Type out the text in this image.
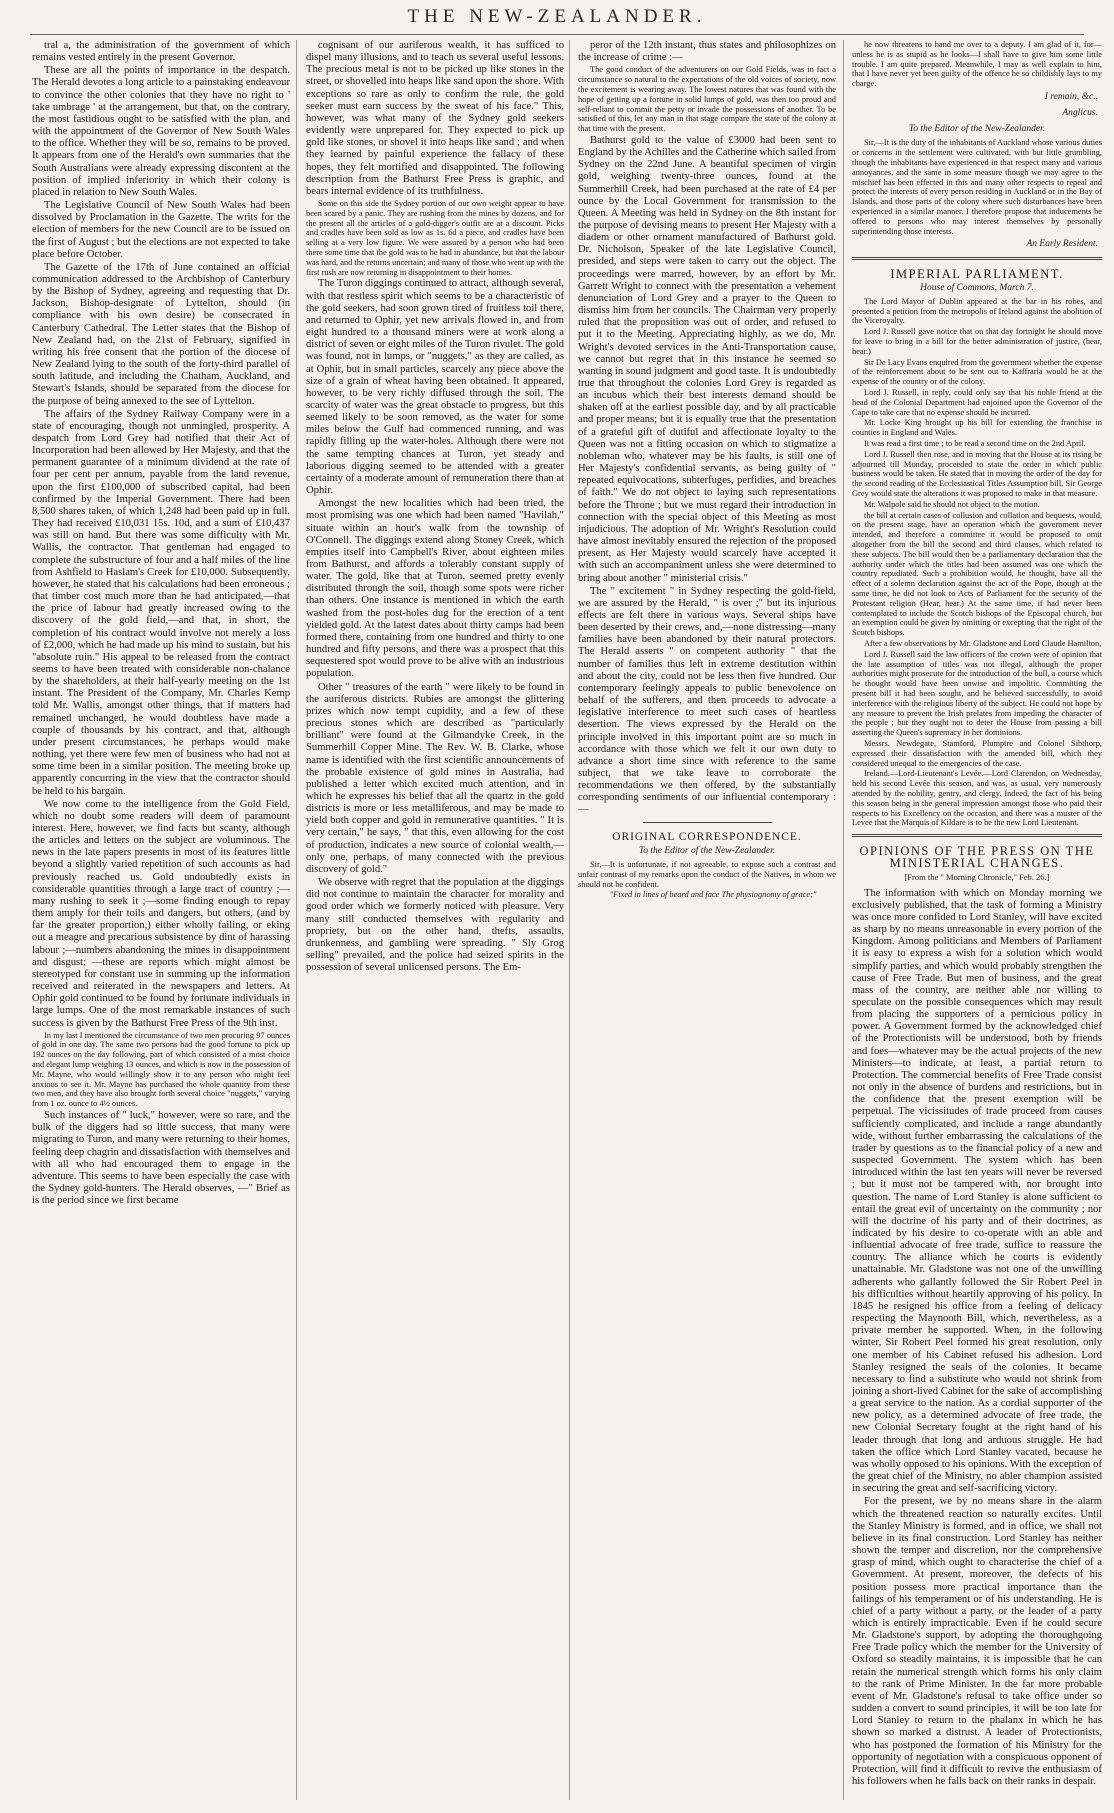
THE NEW-ZEALANDER.

tral a, the administration of the government of which remains vested entirely in the present Governor.

These are all the points of importance in the despatch. The Herald devotes a long article to a painstaking endeavour to convince the other colonies that they have no right to ' take umbrage ' at the arrangement, but that, on the contrary, the most fastidious ought to be satisfied with the plan, and with the appointment of the Governor of New South Wales to the office. Whether they will be so, remains to be proved. It appears from one of the Herald's own summaries that the South Australians were already expressing discontent at the position of implied inferiority in which their colony is placed in relation to New South Wales.

The Legislative Council of New South Wales had been dissolved by Proclamation in the Gazette. The writs for the election of members for the new Council are to be issued on the first of August ; but the elections are not expected to take place before October.

The Gazette of the 17th of June contained an official communication addressed to the Archbishop of Canterbury by the Bishop of Sydney, agreeing and requesting that Dr. Jackson, Bishop-designate of Lyttelton, should (in compliance with his own desire) be consecrated in Canterbury Cathedral. The Letter states that the Bishop of New Zealand had, on the 21st of February, signified in writing his free consent that the portion of the diocese of New Zealand lying to the south of the forty-third parallel of south latitude, and including the Chatham, Auckland, and Stewart's Islands, should be separated from the diocese for the purpose of being annexed to the see of Lyttelton.

The affairs of the Sydney Railway Company were in a state of encouraging, though not unmingled, prosperity. A despatch from Lord Grey had notified that their Act of Incorporation had been allowed by Her Majesty, and that the permanent guarantee of a minimum dividend at the rate of four per cent per annum, payable from the land revenue, upon the first £100,000 of subscribed capital, had been confirmed by the Imperial Government. There had been 8,500 shares taken, of which 1,248 had been paid up in full. They had received £10,031 15s. 10d, and a sum of £10,437 was still on hand. But there was some difficulty with Mr. Wallis, the contractor. That gentleman had engaged to complete the substructure of four and a half miles of the line from Ashfield to Haslam's Creek for £10,000. Subsequently, however, he stated that his calculations had been erroneous ; that timber cost much more than he had anticipated,—that the price of labour had greatly increased owing to the discovery of the gold field,—and that, in short, the completion of his contract would involve not merely a loss of £2,000, which he had made up his mind to sustain, but his "absolute ruin." His appeal to be released from the contract seems to have been treated with considerable non-chalance by the shareholders, at their half-yearly meeting on the 1st instant. The President of the Company, Mr. Charles Kemp told Mr. Wallis, amongst other things, that if matters had remained unchanged, he would doubtless have made a couple of thousands by his contract, and that, although under present circumstances, he perhaps would make nothing, yet there were few men of business who had not at some time been in a similar position. The meeting broke up apparently concurring in the view that the contractor should be held to his bargain.

We now come to the intelligence from the Gold Field, which no doubt some readers will deem of paramount interest. Here, however, we find facts but scanty, although the articles and letters on the subject are voluminous. The news in the late papers presents in most of its features little beyond a slightly varied repetition of such accounts as had previously reached us. Gold undoubtedly exists in considerable quantities through a large tract of country ;—many rushing to seek it ;—some finding enough to repay them amply for their toils and dangers, but others, (and by far the greater proportion,) either wholly failing, or eking out a meagre and precarious subsistence by dint of harassing labour ;—numbers abandoning the mines in disappointment and disgust; —these are reports which might almost be stereotyped for constant use in summing up the information received and reiterated in the newspapers and letters. At Ophir gold continued to be found by fortunate individuals in large lumps. One of the most remarkable instances of such success is given by the Bathurst Free Press of the 9th inst.

In my last I mentioned the circumstance of two men procuring 97 ounces of gold in one day. The same two persons had the good fortune to pick up 192 ounces on the day following, part of which consisted of a most choice and elegant lump weighing 13 ounces, and which is now in the possession of Mr. Mayne, who would willingly show it to any person who might feel anxious to see it. Mr. Mayne has purchased the whole quantity from these two men, and they have also brought forth several choice "nuggets," varying from 1 oz. ounce to 4½ ounces.

Such instances of " luck," however, were so rare, and the bulk of the diggers had so little success, that many were migrating to Turon, and many were returning to their homes, feeling deep chagrin and dissatisfaction with themselves and with all who had encouraged them to engage in the adventure. This seems to have been especially the case with the Sydney gold-hunters. The Herald observes, —" Brief as is the period since we first became

cognisant of our auriferous wealth, it has sufficed to dispel many illusions, and to teach us several useful lessons. The precious metal is not to be picked up like stones in the street, or shovelled into heaps like sand upon the shore. With exceptions so rare as only to confirm the rule, the gold seeker must earn success by the sweat of his face." This, however, was what many of the Sydney gold seekers evidently were unprepared for. They expected to pick up gold like stones, or shovel it into heaps like sand ; and when they learned by painful experience the fallacy of these hopes, they felt mortified and disappointed. The following description from the Bathurst Free Press is graphic, and bears internal evidence of its truthfulness.

Some on this side the Sydney portion of our own weight appear to have been scared by a panic. They are rushing from the mines by dozens, and for the present all the articles of a gold-digger's outfit are at a discount. Picks and cradles have been sold as low as 1s. 6d a piece, and cradles have been selling at a very low figure. We were assured by a person who had been there some time that the gold was to be had in abundance, but that the labour was hard, and the returns uncertain; and many of those who went up with the first rush are now returning in disappointment to their homes.

The Turon diggings continued to attract, although several, with that restless spirit which seems to be a characteristic of the gold seekers, had soon grown tired of fruitless toil there, and returned to Ophir, yet new arrivals flowed in, and from eight hundred to a thousand miners were at work along a district of seven or eight miles of the Turon rivulet. The gold was found, not in lumps, or "nuggets," as they are called, as at Ophir, but in small particles, scarcely any piece above the size of a grain of wheat having been obtained. It appeared, however, to be very richly diffused through the soil. The scarcity of water was the great obstacle to progress, but this seemed likely to be soon removed, as the water for some miles below the Gulf had commenced running, and was rapidly filling up the water-holes. Although there were not the same tempting chances at Turon, yet steady and laborious digging seemed to be attended with a greater certainty of a moderate amount of remuneration there than at Ophir.

Amongst the new localities which had been tried, the most promising was one which had been named "Havilah," situate within an hour's walk from the township of O'Connell. The diggings extend along Stoney Creek, which empties itself into Campbell's River, about eighteen miles from Bathurst, and affords a tolerably constant supply of water. The gold, like that at Turon, seemed pretty evenly distributed through the soil, though some spots were richer than others. One instance is mentioned in which the earth washed from the post-holes dug for the erection of a tent yielded gold. At the latest dates about thirty camps had been formed there, containing from one hundred and thirty to one hundred and fifty persons, and there was a prospect that this sequestered spot would prove to be alive with an industrious population.

Other " treasures of the earth " were likely to be found in the auriferous districts. Rubies are amongst the glittering prizes which now tempt cupidity, and a few of these precious stones which are described as "particularly brilliant" were found at the Gilmandyke Creek, in the Summerhill Copper Mine. The Rev. W. B. Clarke, whose name is identified with the first scientific announcements of the probable existence of gold mines in Australia, had published a letter which excited much attention, and in which he expresses his belief that all the quartz in the gold districts is more or less metalliferous, and may be made to yield both copper and gold in remunerative quantities. " It is very certain," he says, " that this, even allowing for the cost of production, indicates a new source of colonial wealth,—only one, perhaps, of many connected with the previous discovery of gold."

We observe with regret that the population at the diggings did not continue to maintain the character for morality and good order which we formerly noticed with pleasure. Very many still conducted themselves with regularity and propriety, but on the other hand, thefts, assaults, drunkenness, and gambling were spreading. " Sly Grog selling" prevailed, and the police had seized spirits in the possession of several unlicensed persons. The Em-

peror of the 12th instant, thus states and philosophizes on the increase of crime :—

The good conduct of the adventurers on our Gold Fields, was in fact a circumstance so natural to the expectations of the old voices of society, now the excitement is wearing away. The lowest natures that was found with the hope of getting up a fortune in solid lumps of gold, was then too proud and self-reliant to commit the petty or invade the possessions of another. To be satisfied of this, let any man in that stage compare the state of the colony at that time with the present.

Bathurst gold to the value of £3000 had been sent to England by the Achilles and the Catherine which sailed from Sydney on the 22nd June. A beautiful specimen of virgin gold, weighing twenty-three ounces, found at the Summerhill Creek, had been purchased at the rate of £4 per ounce by the Local Government for transmission to the Queen. A Meeting was held in Sydney on the 8th instant for the purpose of devising means to present Her Majesty with a diadem or other ornament manufactured of Bathurst gold. Dr. Nicholson, Speaker of the late Legislative Council, presided, and steps were taken to carry out the object. The proceedings were marred, however, by an effort by Mr. Garrett Wright to connect with the presentation a vehement denunciation of Lord Grey and a prayer to the Queen to dismiss him from her councils. The Chairman very properly ruled that the proposition was out of order, and refused to put it to the Meeting. Appreciating highly, as we do, Mr. Wright's devoted services in the Anti-Transportation cause, we cannot but regret that in this instance he seemed so wanting in sound judgment and good taste. It is undoubtedly true that throughout the colonies Lord Grey is regarded as an incubus which their best interests demand should be shaken off at the earliest possible day, and by all practicable and proper means; but it is equally true that the presentation of a grateful gift of dutiful and affectionate loyalty to the Queen was not a fitting occasion on which to stigmatize a nobleman who, whatever may be his faults, is still one of Her Majesty's confidential servants, as being guilty of " repeated equivocations, subterfuges, perfidies, and breaches of faith." We do not object to laying such representations before the Throne ; but we must regard their introduction in connection with the special object of this Meeting as most injudicious. The adoption of Mr. Wright's Resolution could have almost inevitably ensured the rejection of the proposed present, as Her Majesty would scarcely have accepted it with such an accompaniment unless she were determined to bring about another " ministerial crisis."

The " excitement " in Sydney respecting the gold-field, we are assured by the Herald, " is over ;" but its injurious effects are felt there in various ways. Several ships have been deserted by their crews, and,—none distressing—many families have been abandoned by their natural protectors. The Herald asserts " on competent authority " that the number of families thus left in extreme destitution within and about the city, could not be less then five hundred. Our contemporary feelingly appeals to public benevolence on behalf of the sufferers, and then proceeds to advocate a legislative interference to meet such cases of heartless desertion. The views expressed by the Herald on the principle involved in this important point are so much in accordance with those which we felt it our own duty to advance a short time since with reference to the same subject, that we take leave to corroborate the recommendations we then offered, by the substantially corresponding sentiments of our influential contemporary :—

ORIGINAL CORRESPONDENCE.
To the Editor of the New-Zealander.

Sir,—It is unfortunate, if not agreeable, to expose such a contrast and unfair contrast of my remarks upon the conduct of the Natives, in whom we should not be confident.

"Fixed in lines of beard and face The physiognomy of grace;"

he now threatens to hand me over to a deputy. I am glad of it, for—unless he is as stupid as he looks—I shall have to give him some little trouble. I am quite prepared. Meanwhile, I may as well explain to him, that I have never yet been guilty of the offence he so childishly lays to my charge.

I remain, &c.,
Anglicus.
To the Editor of the New-Zealander.

Sir,—It is the duty of the inhabitants of Auckland whose various duties or concerns in the settlement were cultivated, with but little grumbling, though the inhabitants have experienced in that respect many and various annoyances, and the same in some measure though we may agree to the mischief has been effected in this and many other respects to repeal and protect the interests of every person residing in Auckland or in the Bay of Islands, and those parts of the colony where such disturbances have been experienced in a similar manner. I therefore propose that inducements be offered to persons who may interest themselves by personally superintending those interests.

An Early Resident.
IMPERIAL PARLIAMENT.
House of Commons, March 7.

The Lord Mayor of Dublin appeared at the bar in his robes, and presented a petition from the metropolis of Ireland against the abolition of the Viceroyalty.

Lord J. Russell gave notice that on that day fortnight he should move for leave to bring in a bill for the better administration of justice, (hear, hear.)

Sir De Lacy Evans enquired from the government whether the expense of the reinforcement about to be sent out to Kaffraria would be at the expense of the country or of the colony.

Lord J. Russell, in reply, could only say that his noble friend at the head of the Colonial Department had enjoined upon the Governor of the Cape to take care that no expense should be incurred.

Mr. Locke King brought up his bill for extending the franchise in counties in England and Wales.

It was read a first time ; to be read a second time on the 2nd April.

Lord J. Russell then rose, and in moving that the House at its rising be adjourned till Monday, proceeded to state the order in which public business would be taken. He stated that in moving the order of the day for the second reading of the Ecclesiastical Titles Assumption bill, Sir George Grey would state the alterations it was proposed to make in that measure.

Mr. Walpole said he should not object to the motion.

the bill at certain cases of collusion and collation and bequests, would, on the present stage, have an operation which the government never intended, and therefore a committee it would be proposed to omit altogether from the bill the second and third clauses, which related to these subjects. The bill would then be a parliamentary declaration that the authority under which the titles had been assumed was one which the country repudiated. Such a prohibition would, he thought, have all the effect of a solemn declaration against the act of the Pope, though at the same time, he did not look to Acts of Parliament for the security of the Protestant religion (Hear, hear.) At the same time, if had never been contemplated to include the Scotch bishops of the Episcopal church, but an exemption could be given by omitting or excepting that the right of the Scotch bishops.

After a few observations by Mr. Gladstone and Lord Claude Hamilton,

Lord J. Russell said the law officers of the crown were of opinion that the late assumption of titles was not illegal, although the proper authorities might prosecute for the introduction of the bull, a course which he thought would have been unwise and impolitic. Committing the present bill it had been sought, and he believed successfully, to avoid interference with the religious liberty of the subject. He could not hope by any measure to prevent the Irish prelates from impeding the character of the people ; but they ought not to deter the House from passing a bill asserting the Queen's supremacy in her dominions.

Messrs. Newdegate, Stamford, Plumptre and Colonel Sibthorp, expressed their dissatisfaction with the amended bill, which they considered unequal to the emergencies of the case.

Ireland.—Lord-Lieutenant's Levée.—Lord Clarendon, on Wednesday, held his second Levée this season, and was, as usual, very numerously attended by the nobility, gentry, and clergy. Indeed, the fact of his being this season being in the general impression amongst those who paid their respects to his Excellency on the occasion, and there was a muster of the Levee that the Marquis of Kildare is to be the new Lord Lieutenant.

OPINIONS OF THE PRESS ON THE MINISTERIAL CHANGES.
[From the " Morning Chronicle," Feb. 26.]

The information with which on Monday morning we exclusively published, that the task of forming a Ministry was once more confided to Lord Stanley, will have excited as sharp by no means unreasonable in every portion of the Kingdom. Among politicians and Members of Parliament it is easy to express a wish for a solution which would simplify parties, and which would probably strengthen the cause of Free Trade. But men of business, and the great mass of the country, are neither able nor willing to speculate on the possible consequences which may result from placing the supporters of a pernicious policy in power. A Government formed by the acknowledged chief of the Protectionists will be understood, both by friends and foes—whatever may be the actual projects of the new Ministers—to indicate, at least, a partial return to Protection. The commercial benefits of Free Trade consist not only in the absence of burdens and restrictions, but in the confidence that the present exemption will be perpetual. The vicissitudes of trade proceed from causes sufficiently complicated, and include a range abundantly wide, without further embarrassing the calculations of the trader by questions as to the financial policy of a new and suspected Government. The system which has been introduced within the last ten years will never be reversed ; but it must not be tampered with, nor brought into question. The name of Lord Stanley is alone sufficient to entail the great evil of uncertainty on the community ; nor will the doctrine of his party and of their doctrines, as indicated by his desire to co-operate with an able and influential advocate of free trade, suffice to reassure the country. The alliance which he courts is evidently unattainable. Mr. Gladstone was not one of the unwilling adherents who gallantly followed the Sir Robert Peel in his difficulties without heartily approving of his policy. In 1845 he resigned his office from a feeling of delicacy respecting the Maynooth Bill, which, nevertheless, as a private member he supported. When, in the following winter, Sir Robert Peel formed his great resolution, only one member of his Cabinet refused his adhesion. Lord Stanley resigned the seals of the colonies. It became necessary to find a substitute who would not shrink from joining a short-lived Cabinet for the sake of accomplishing a great service to the nation. As a cordial supporter of the new policy, as a determined advocate of free trade, the new Colonial Secretary fought at the right hand of his leader through that long and arduous struggle. He had taken the office which Lord Stanley vacated, because he was wholly opposed to his opinions. With the exception of the great chief of the Ministry, no abler champion assisted in securing the great and self-sacrificing victory.

For the present, we by no means share in the alarm which the threatened reaction so naturally excites. Until the Stanley Ministry is formed, and in office, we shall not believe in its final construction. Lord Stanley has neither shown the temper and discretion, nor the comprehensive grasp of mind, which ought to characterise the chief of a Government. At present, moreover, the defects of his position possess more practical importance than the failings of his temperament or of his understanding. He is chief of a party without a party, or the leader of a party which is entirely impracticable. Even if he could secure Mr. Gladstone's support, by adopting the thoroughgoing Free Trade policy which the member for the University of Oxford so steadily maintains, it is impossible that he can retain the numerical strength which forms his only claim to the rank of Prime Minister. In the far more probable event of Mr. Gladstone's refusal to take office under so sudden a convert to sound principles, it will be too late for Lord Stanley to return to the phalanx in which he has shown so marked a distrust. A leader of Protectionists, who has postponed the formation of his Ministry for the opportunity of negotiation with a conspicuous opponent of Protection, will find it difficult to revive the enthusiasm of his followers when he falls back on their ranks in despair.
